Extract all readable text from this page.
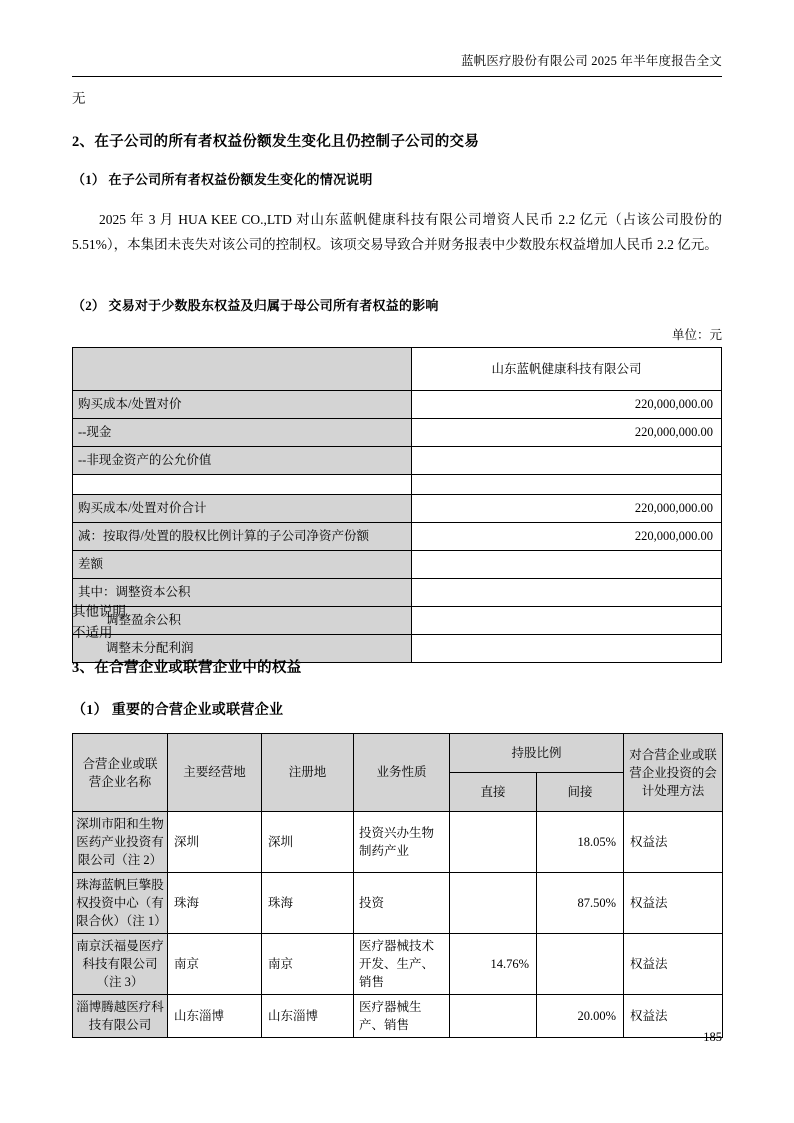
蓝帆医疗股份有限公司 2025 年半年度报告全文
无
2、在子公司的所有者权益份额发生变化且仍控制子公司的交易
（1） 在子公司所有者权益份额发生变化的情况说明
2025 年 3 月 HUA KEE CO.,LTD 对山东蓝帆健康科技有限公司增资人民币 2.2 亿元（占该公司股份的 5.51%），本集团未丧失对该公司的控制权。该项交易导致合并财务报表中少数股东权益增加人民币 2.2 亿元。
（2） 交易对于少数股东权益及归属于母公司所有者权益的影响
单位：元
	山东蓝帆健康科技有限公司
购买成本/处置对价	220,000,000.00
--现金	220,000,000.00
--非现金资产的公允价值	

购买成本/处置对价合计	220,000,000.00
减：按取得/处置的股权比例计算的子公司净资产份额	220,000,000.00
差额	
其中：调整资本公积	
调整盈余公积	
调整未分配利润	
其他说明
不适用
3、在合营企业或联营企业中的权益
（1） 重要的合营企业或联营企业
合营企业或联营企业名称	主要经营地	注册地	业务性质	持股比例		对合营企业或联营企业投资的会计处理方法
				直接	间接	
深圳市阳和生物医药产业投资有限公司（注 2）	深圳	深圳	投资兴办生物制药产业		18.05%	权益法
珠海蓝帆巨擎股权投资中心（有限合伙）（注 1）	珠海	珠海	投资		87.50%	权益法
南京沃福曼医疗科技有限公司（注 3）	南京	南京	医疗器械技术开发、生产、销售	14.76%		权益法
淄博腾越医疗科技有限公司	山东淄博	山东淄博	医疗器械生产、销售		20.00%	权益法
185
